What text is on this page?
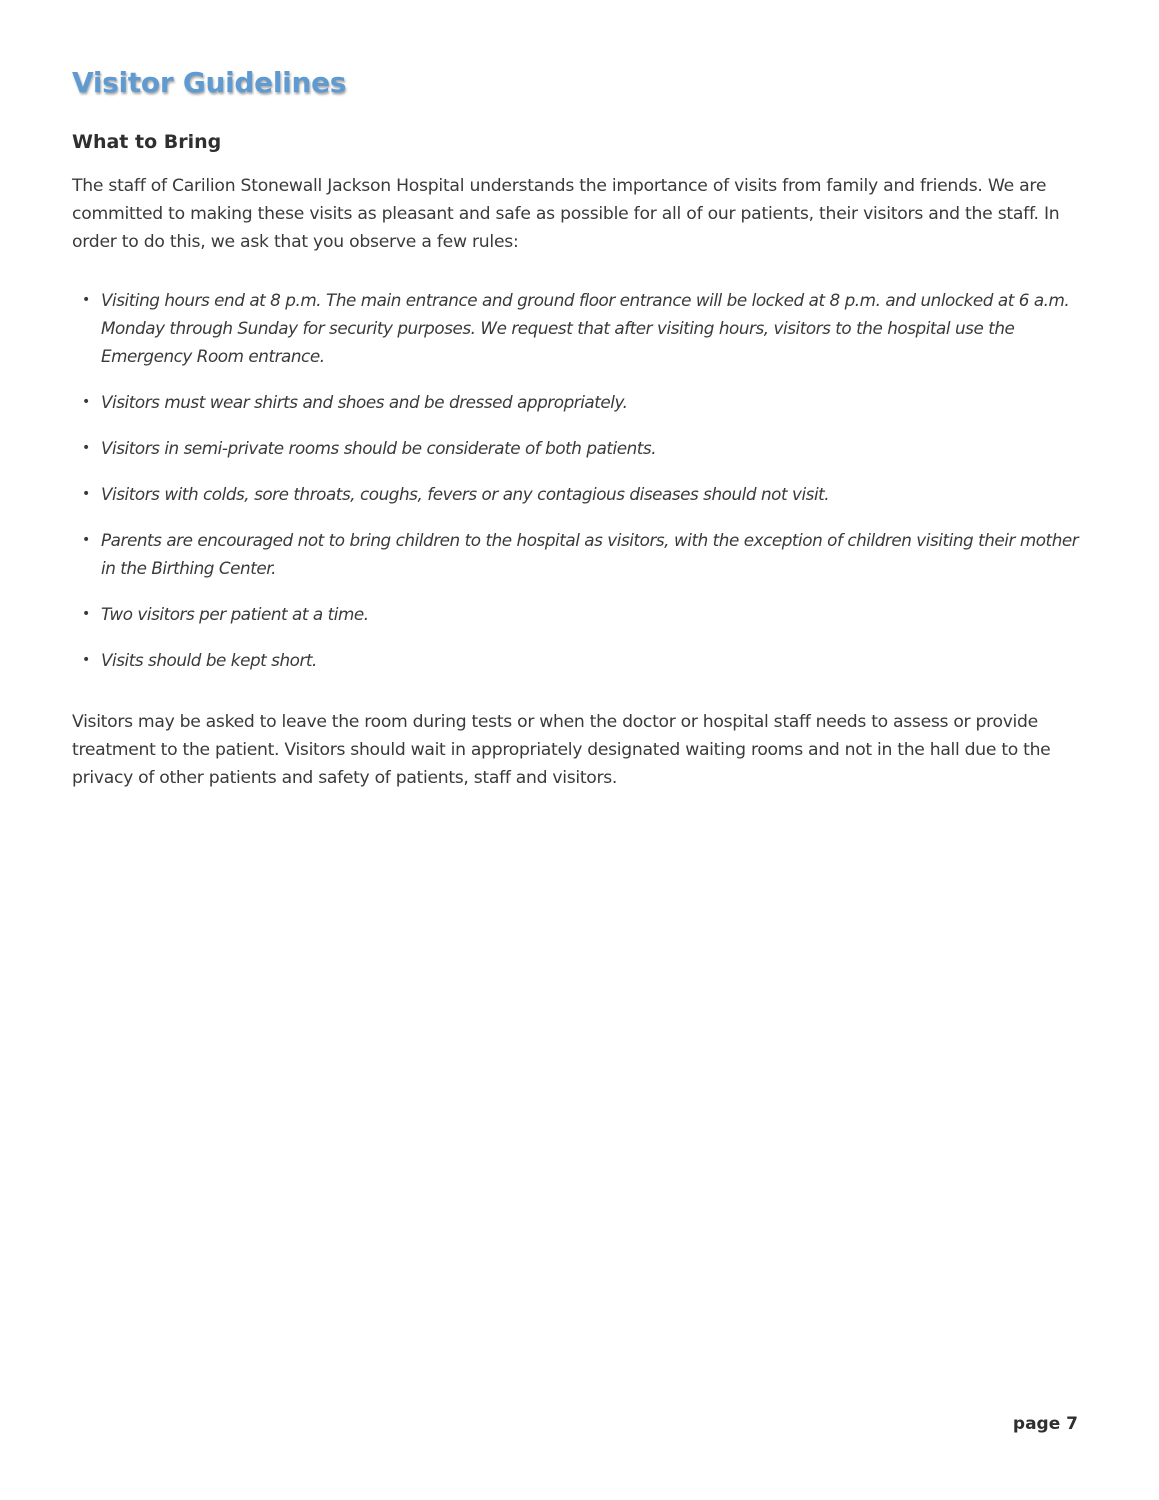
Visitor Guidelines
What to Bring

The staff of Carilion Stonewall Jackson Hospital understands the importance of visits from family and friends. We are committed to making these visits as pleasant and safe as possible for all of our patients, their visitors and the staff. In order to do this, we ask that you observe a few rules:

• Visiting hours end at 8 p.m. The main entrance and ground floor entrance will be locked at 8 p.m. and unlocked at 6 a.m. Monday through Sunday for security purposes. We request that after visiting hours, visitors to the hospital use the Emergency Room entrance.
• Visitors must wear shirts and shoes and be dressed appropriately.
• Visitors in semi-private rooms should be considerate of both patients.
• Visitors with colds, sore throats, coughs, fevers or any contagious diseases should not visit.
• Parents are encouraged not to bring children to the hospital as visitors, with the exception of children visiting their mother in the Birthing Center.
• Two visitors per patient at a time.
• Visits should be kept short.

Visitors may be asked to leave the room during tests or when the doctor or hospital staff needs to assess or provide treatment to the patient. Visitors should wait in appropriately designated waiting rooms and not in the hall due to the privacy of other patients and safety of patients, staff and visitors.

page 7
